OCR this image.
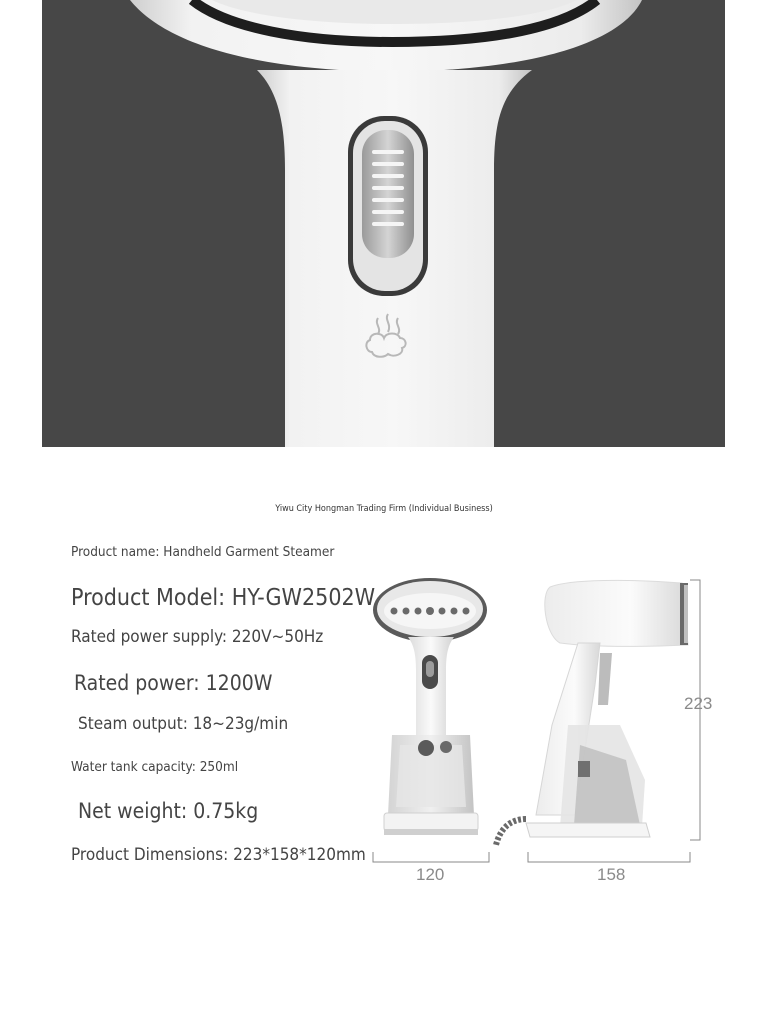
Yiwu City Hongman Trading Firm (Individual Business)
Product name: Handheld Garment Steamer
Product Model: HY-GW2502W
Rated power supply: 220V~50Hz
Rated power: 1200W
Steam output: 18~23g/min
Water tank capacity: 250ml
Net weight: 0.75kg
Product Dimensions: 223*158*120mm
223
120	158
